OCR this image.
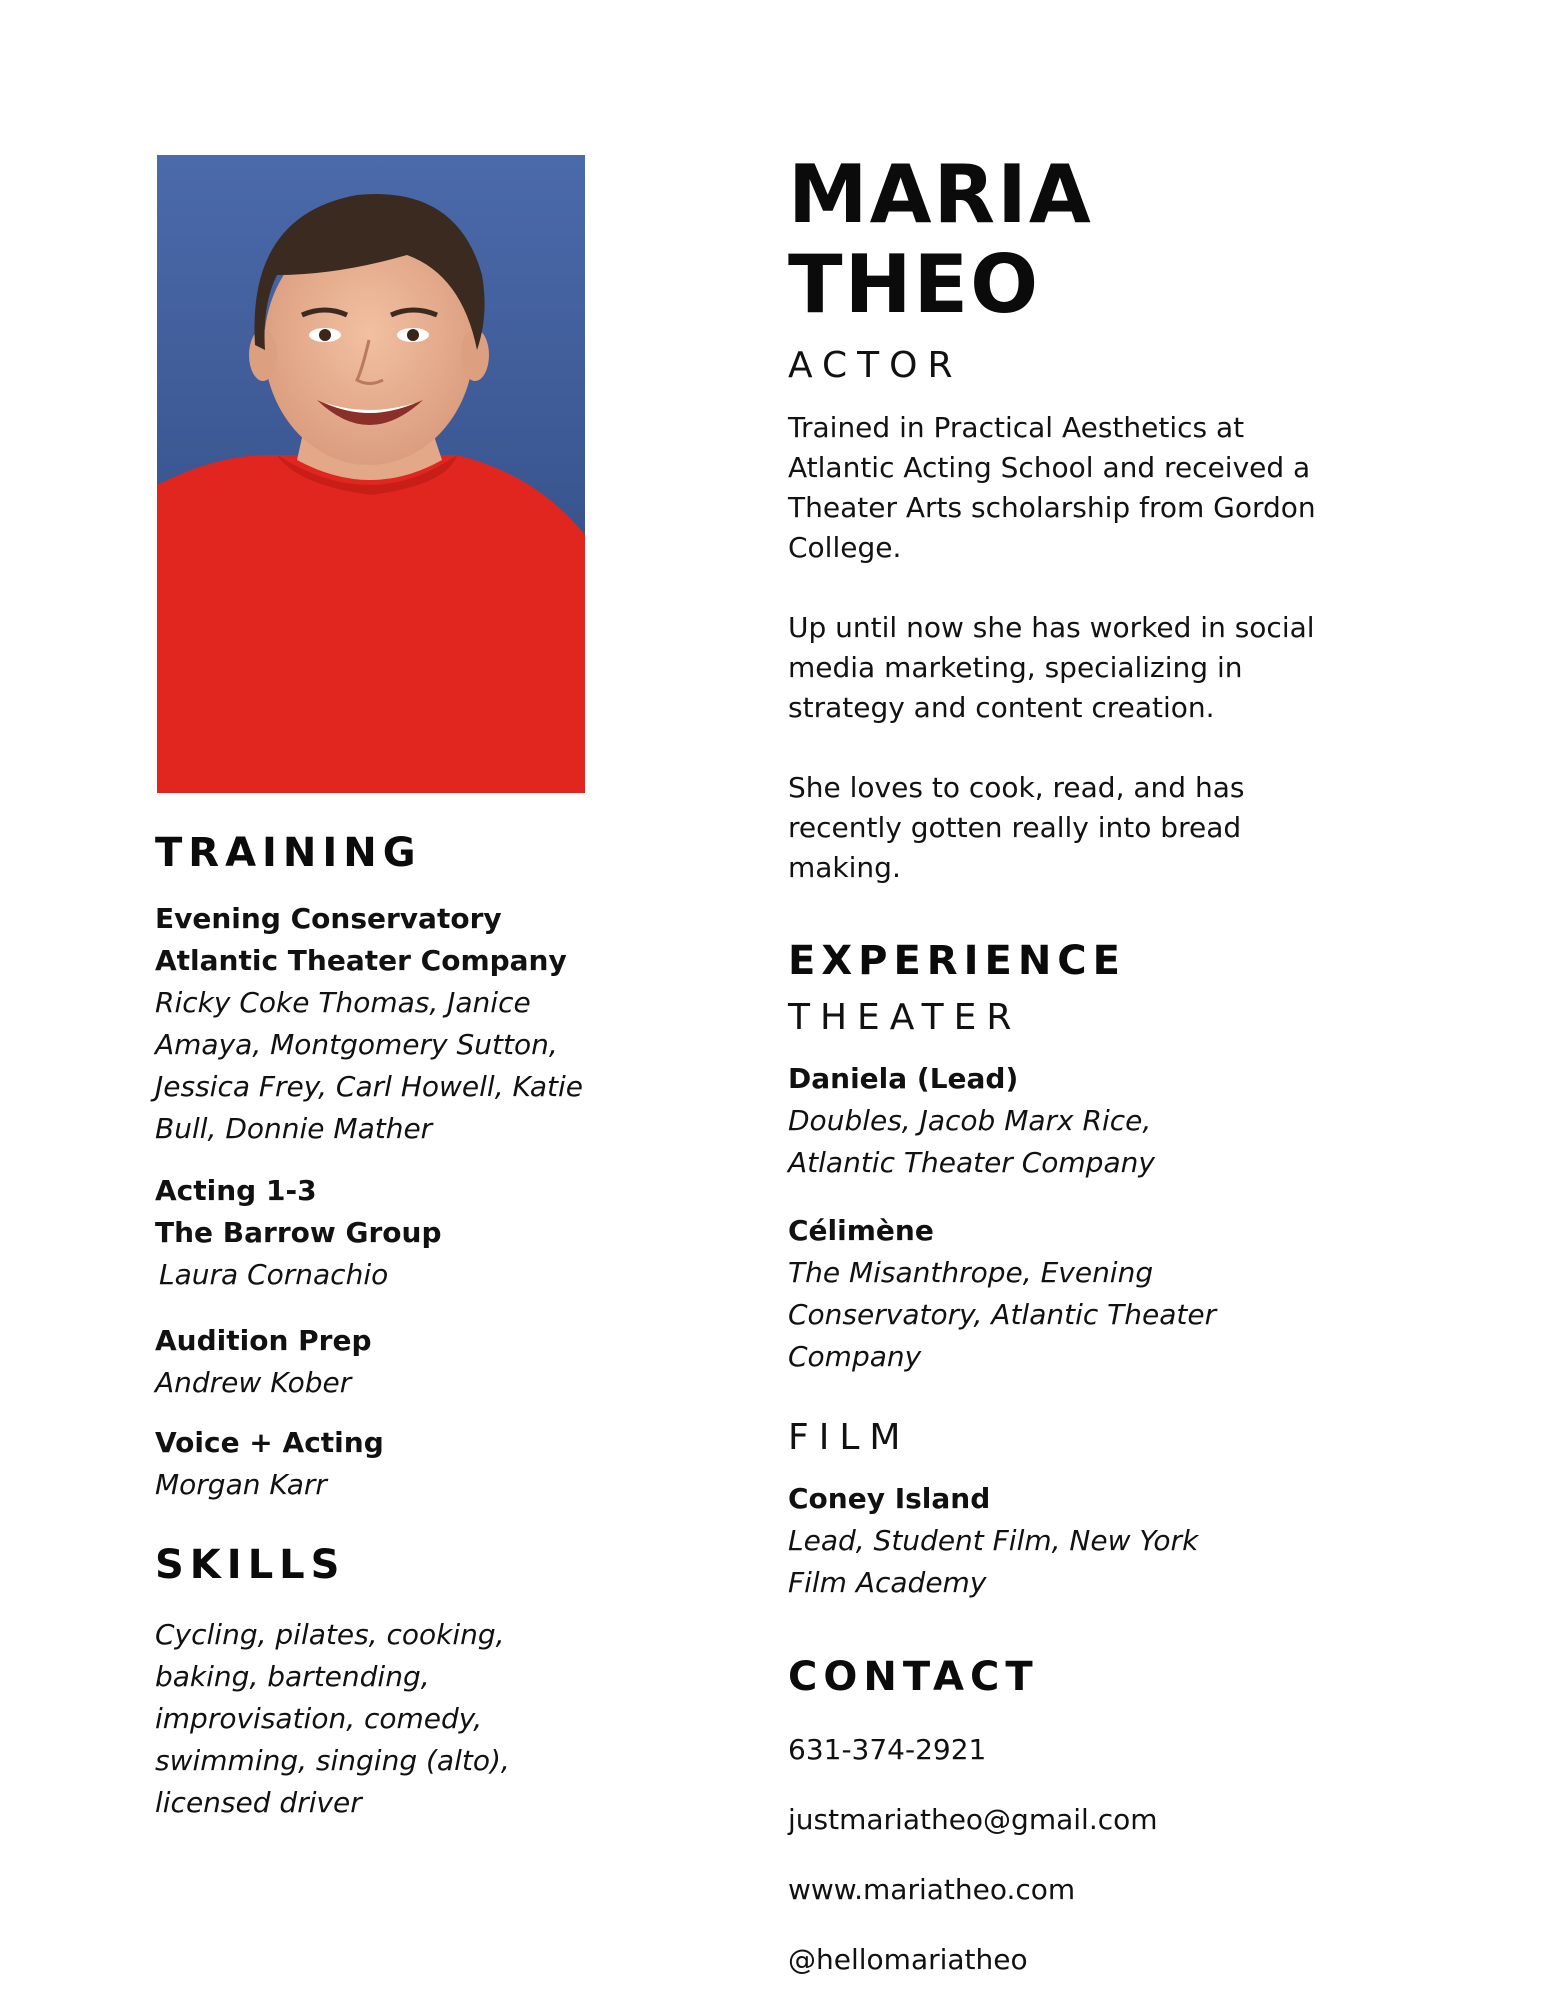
MARIA THEO
ACTOR

Trained in Practical Aesthetics at Atlantic Acting School and received a Theater Arts scholarship from Gordon College.

Up until now she has worked in social media marketing, specializing in strategy and content creation.

She loves to cook, read, and has recently gotten really into bread making.

EXPERIENCE
THEATER
Daniela (Lead)
Doubles, Jacob Marx Rice, Atlantic Theater Company
Célimène
The Misanthrope, Evening Conservatory, Atlantic Theater Company
FILM
Coney Island
Lead, Student Film, New York Film Academy
CONTACT
631-374-2921
justmariatheo@gmail.com
www.mariatheo.com
@hellomariatheo
TRAINING
Evening Conservatory
Atlantic Theater Company
Ricky Coke Thomas, Janice Amaya, Montgomery Sutton, Jessica Frey, Carl Howell, Katie Bull, Donnie Mather
Acting 1-3
The Barrow Group
Laura Cornachio
Audition Prep
Andrew Kober
Voice + Acting
Morgan Karr
SKILLS
Cycling, pilates, cooking, baking, bartending, improvisation, comedy, swimming, singing (alto), licensed driver
